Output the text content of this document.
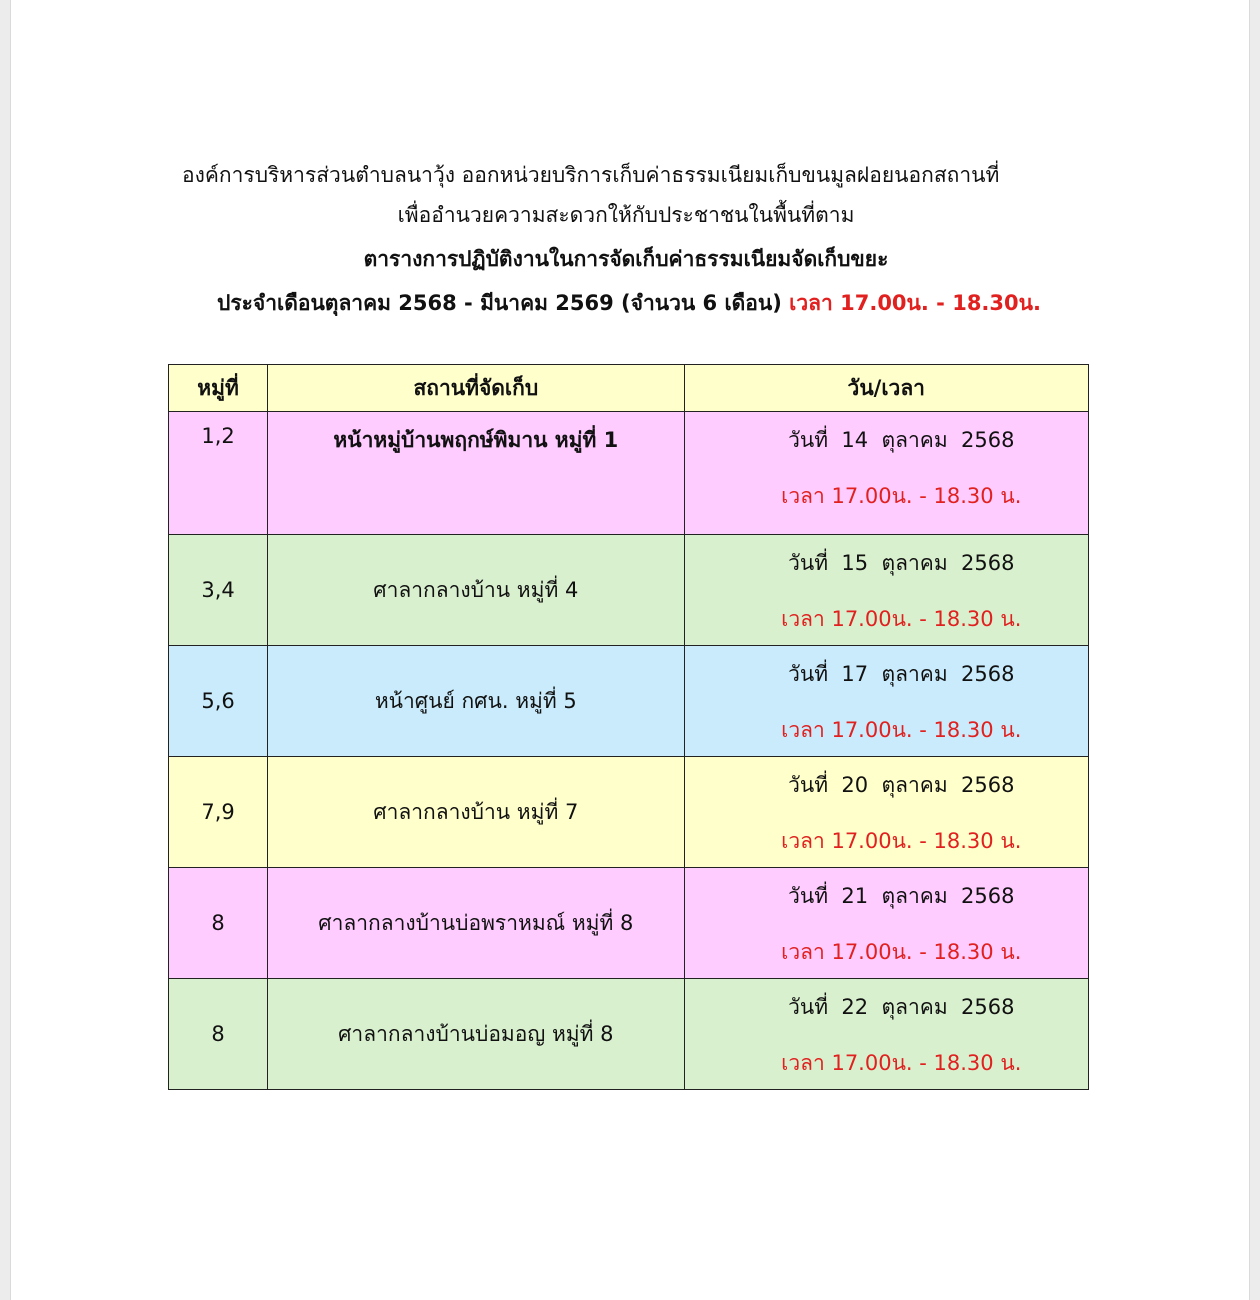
องค์การบริหารส่วนตำบลนาวุ้ง ออกหน่วยบริการเก็บค่าธรรมเนียมเก็บขนมูลฝอยนอกสถานที่
เพื่ออำนวยความสะดวกให้กับประชาชนในพื้นที่ตาม
ตารางการปฏิบัติงานในการจัดเก็บค่าธรรมเนียมจัดเก็บขยะ
ประจำเดือนตุลาคม 2568 - มีนาคม 2569 (จำนวน 6 เดือน) เวลา 17.00น. - 18.30น.
หมู่ที่	สถานที่จัดเก็บ	วัน/เวลา
1,2	หน้าหมู่บ้านพฤกษ์พิมาน หมู่ที่ 1	วันที่  14  ตุลาคม  2568
เวลา 17.00น. - 18.30 น.

3,4	ศาลากลางบ้าน หมู่ที่ 4	วันที่  15  ตุลาคม  2568
เวลา 17.00น. - 18.30 น.

5,6	หน้าศูนย์ กศน. หมู่ที่ 5	วันที่  17  ตุลาคม  2568
เวลา 17.00น. - 18.30 น.

7,9	ศาลากลางบ้าน หมู่ที่ 7	วันที่  20  ตุลาคม  2568
เวลา 17.00น. - 18.30 น.

8	ศาลากลางบ้านบ่อพราหมณ์ หมู่ที่ 8	วันที่  21  ตุลาคม  2568
เวลา 17.00น. - 18.30 น.

8	ศาลากลางบ้านบ่อมอญ หมู่ที่ 8	วันที่  22  ตุลาคม  2568
เวลา 17.00น. - 18.30 น.
